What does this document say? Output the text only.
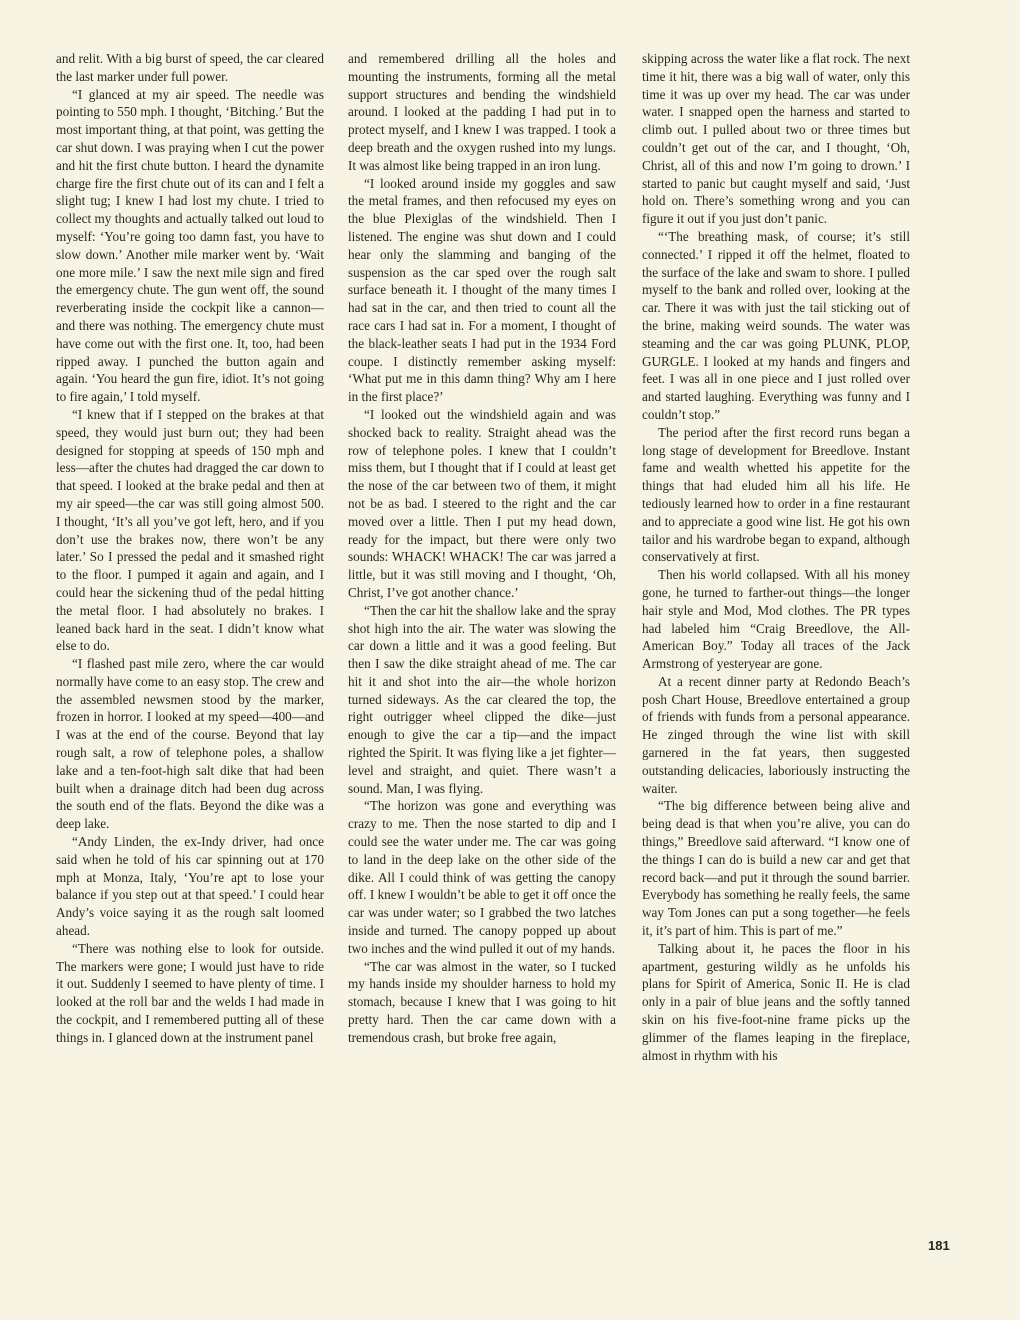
and relit. With a big burst of speed, the car cleared the last marker under full power.

“I glanced at my air speed. The needle was pointing to 550 mph. I thought, ‘Bitching.’ But the most important thing, at that point, was getting the car shut down. I was praying when I cut the power and hit the first chute button. I heard the dynamite charge fire the first chute out of its can and I felt a slight tug; I knew I had lost my chute. I tried to collect my thoughts and actually talked out loud to myself: ‘You’re going too damn fast, you have to slow down.’ Another mile marker went by. ‘Wait one more mile.’ I saw the next mile sign and fired the emergency chute. The gun went off, the sound reverberating inside the cockpit like a cannon—and there was nothing. The emergency chute must have come out with the first one. It, too, had been ripped away. I punched the button again and again. ‘You heard the gun fire, idiot. It’s not going to fire again,’ I told myself.

“I knew that if I stepped on the brakes at that speed, they would just burn out; they had been designed for stopping at speeds of 150 mph and less—after the chutes had dragged the car down to that speed. I looked at the brake pedal and then at my air speed—the car was still going almost 500. I thought, ‘It’s all you’ve got left, hero, and if you don’t use the brakes now, there won’t be any later.’ So I pressed the pedal and it smashed right to the floor. I pumped it again and again, and I could hear the sickening thud of the pedal hitting the metal floor. I had absolutely no brakes. I leaned back hard in the seat. I didn’t know what else to do.

“I flashed past mile zero, where the car would normally have come to an easy stop. The crew and the assembled newsmen stood by the marker, frozen in horror. I looked at my speed—400—and I was at the end of the course. Beyond that lay rough salt, a row of telephone poles, a shallow lake and a ten-foot-high salt dike that had been built when a drainage ditch had been dug across the south end of the flats. Beyond the dike was a deep lake.

“Andy Linden, the ex-Indy driver, had once said when he told of his car spinning out at 170 mph at Monza, Italy, ‘You’re apt to lose your balance if you step out at that speed.’ I could hear Andy’s voice saying it as the rough salt loomed ahead.

“There was nothing else to look for outside. The markers were gone; I would just have to ride it out. Suddenly I seemed to have plenty of time. I looked at the roll bar and the welds I had made in the cockpit, and I remembered putting all of these things in. I glanced down at the instrument panel

and remembered drilling all the holes and mounting the instruments, forming all the metal support structures and bending the windshield around. I looked at the padding I had put in to protect myself, and I knew I was trapped. I took a deep breath and the oxygen rushed into my lungs. It was almost like being trapped in an iron lung.

“I looked around inside my goggles and saw the metal frames, and then refocused my eyes on the blue Plexiglas of the windshield. Then I listened. The engine was shut down and I could hear only the slamming and banging of the suspension as the car sped over the rough salt surface beneath it. I thought of the many times I had sat in the car, and then tried to count all the race cars I had sat in. For a moment, I thought of the black-leather seats I had put in the 1934 Ford coupe. I distinctly remember asking myself: ‘What put me in this damn thing? Why am I here in the first place?’

“I looked out the windshield again and was shocked back to reality. Straight ahead was the row of telephone poles. I knew that I couldn’t miss them, but I thought that if I could at least get the nose of the car between two of them, it might not be as bad. I steered to the right and the car moved over a little. Then I put my head down, ready for the impact, but there were only two sounds: WHACK! WHACK! The car was jarred a little, but it was still moving and I thought, ‘Oh, Christ, I’ve got another chance.’

“Then the car hit the shallow lake and the spray shot high into the air. The water was slowing the car down a little and it was a good feeling. But then I saw the dike straight ahead of me. The car hit it and shot into the air—the whole horizon turned sideways. As the car cleared the top, the right outrigger wheel clipped the dike—just enough to give the car a tip—and the impact righted the Spirit. It was flying like a jet fighter—level and straight, and quiet. There wasn’t a sound. Man, I was flying.

“The horizon was gone and everything was crazy to me. Then the nose started to dip and I could see the water under me. The car was going to land in the deep lake on the other side of the dike. All I could think of was getting the canopy off. I knew I wouldn’t be able to get it off once the car was under water; so I grabbed the two latches inside and turned. The canopy popped up about two inches and the wind pulled it out of my hands.

“The car was almost in the water, so I tucked my hands inside my shoulder harness to hold my stomach, because I knew that I was going to hit pretty hard. Then the car came down with a tremendous crash, but broke free again,

skipping across the water like a flat rock. The next time it hit, there was a big wall of water, only this time it was up over my head. The car was under water. I snapped open the harness and started to climb out. I pulled about two or three times but couldn’t get out of the car, and I thought, ‘Oh, Christ, all of this and now I’m going to drown.’ I started to panic but caught myself and said, ‘Just hold on. There’s something wrong and you can figure it out if you just don’t panic.

“‘The breathing mask, of course; it’s still connected.’ I ripped it off the helmet, floated to the surface of the lake and swam to shore. I pulled myself to the bank and rolled over, looking at the car. There it was with just the tail sticking out of the brine, making weird sounds. The water was steaming and the car was going PLUNK, PLOP, GURGLE. I looked at my hands and fingers and feet. I was all in one piece and I just rolled over and started laughing. Everything was funny and I couldn’t stop.”

The period after the first record runs began a long stage of development for Breedlove. Instant fame and wealth whetted his appetite for the things that had eluded him all his life. He tediously learned how to order in a fine restaurant and to appreciate a good wine list. He got his own tailor and his wardrobe began to expand, although conservatively at first.

Then his world collapsed. With all his money gone, he turned to farther-out things—the longer hair style and Mod, Mod clothes. The PR types had labeled him “Craig Breedlove, the All-American Boy.” Today all traces of the Jack Armstrong of yesteryear are gone.

At a recent dinner party at Redondo Beach’s posh Chart House, Breedlove entertained a group of friends with funds from a personal appearance. He zinged through the wine list with skill garnered in the fat years, then suggested outstanding delicacies, laboriously instructing the waiter.

“The big difference between being alive and being dead is that when you’re alive, you can do things,” Breedlove said afterward. “I know one of the things I can do is build a new car and get that record back—and put it through the sound barrier. Everybody has something he really feels, the same way Tom Jones can put a song together—he feels it, it’s part of him. This is part of me.”

Talking about it, he paces the floor in his apartment, gesturing wildly as he unfolds his plans for Spirit of America, Sonic II. He is clad only in a pair of blue jeans and the softly tanned skin on his five-foot-nine frame picks up the glimmer of the flames leaping in the fireplace, almost in rhythm with his

181
